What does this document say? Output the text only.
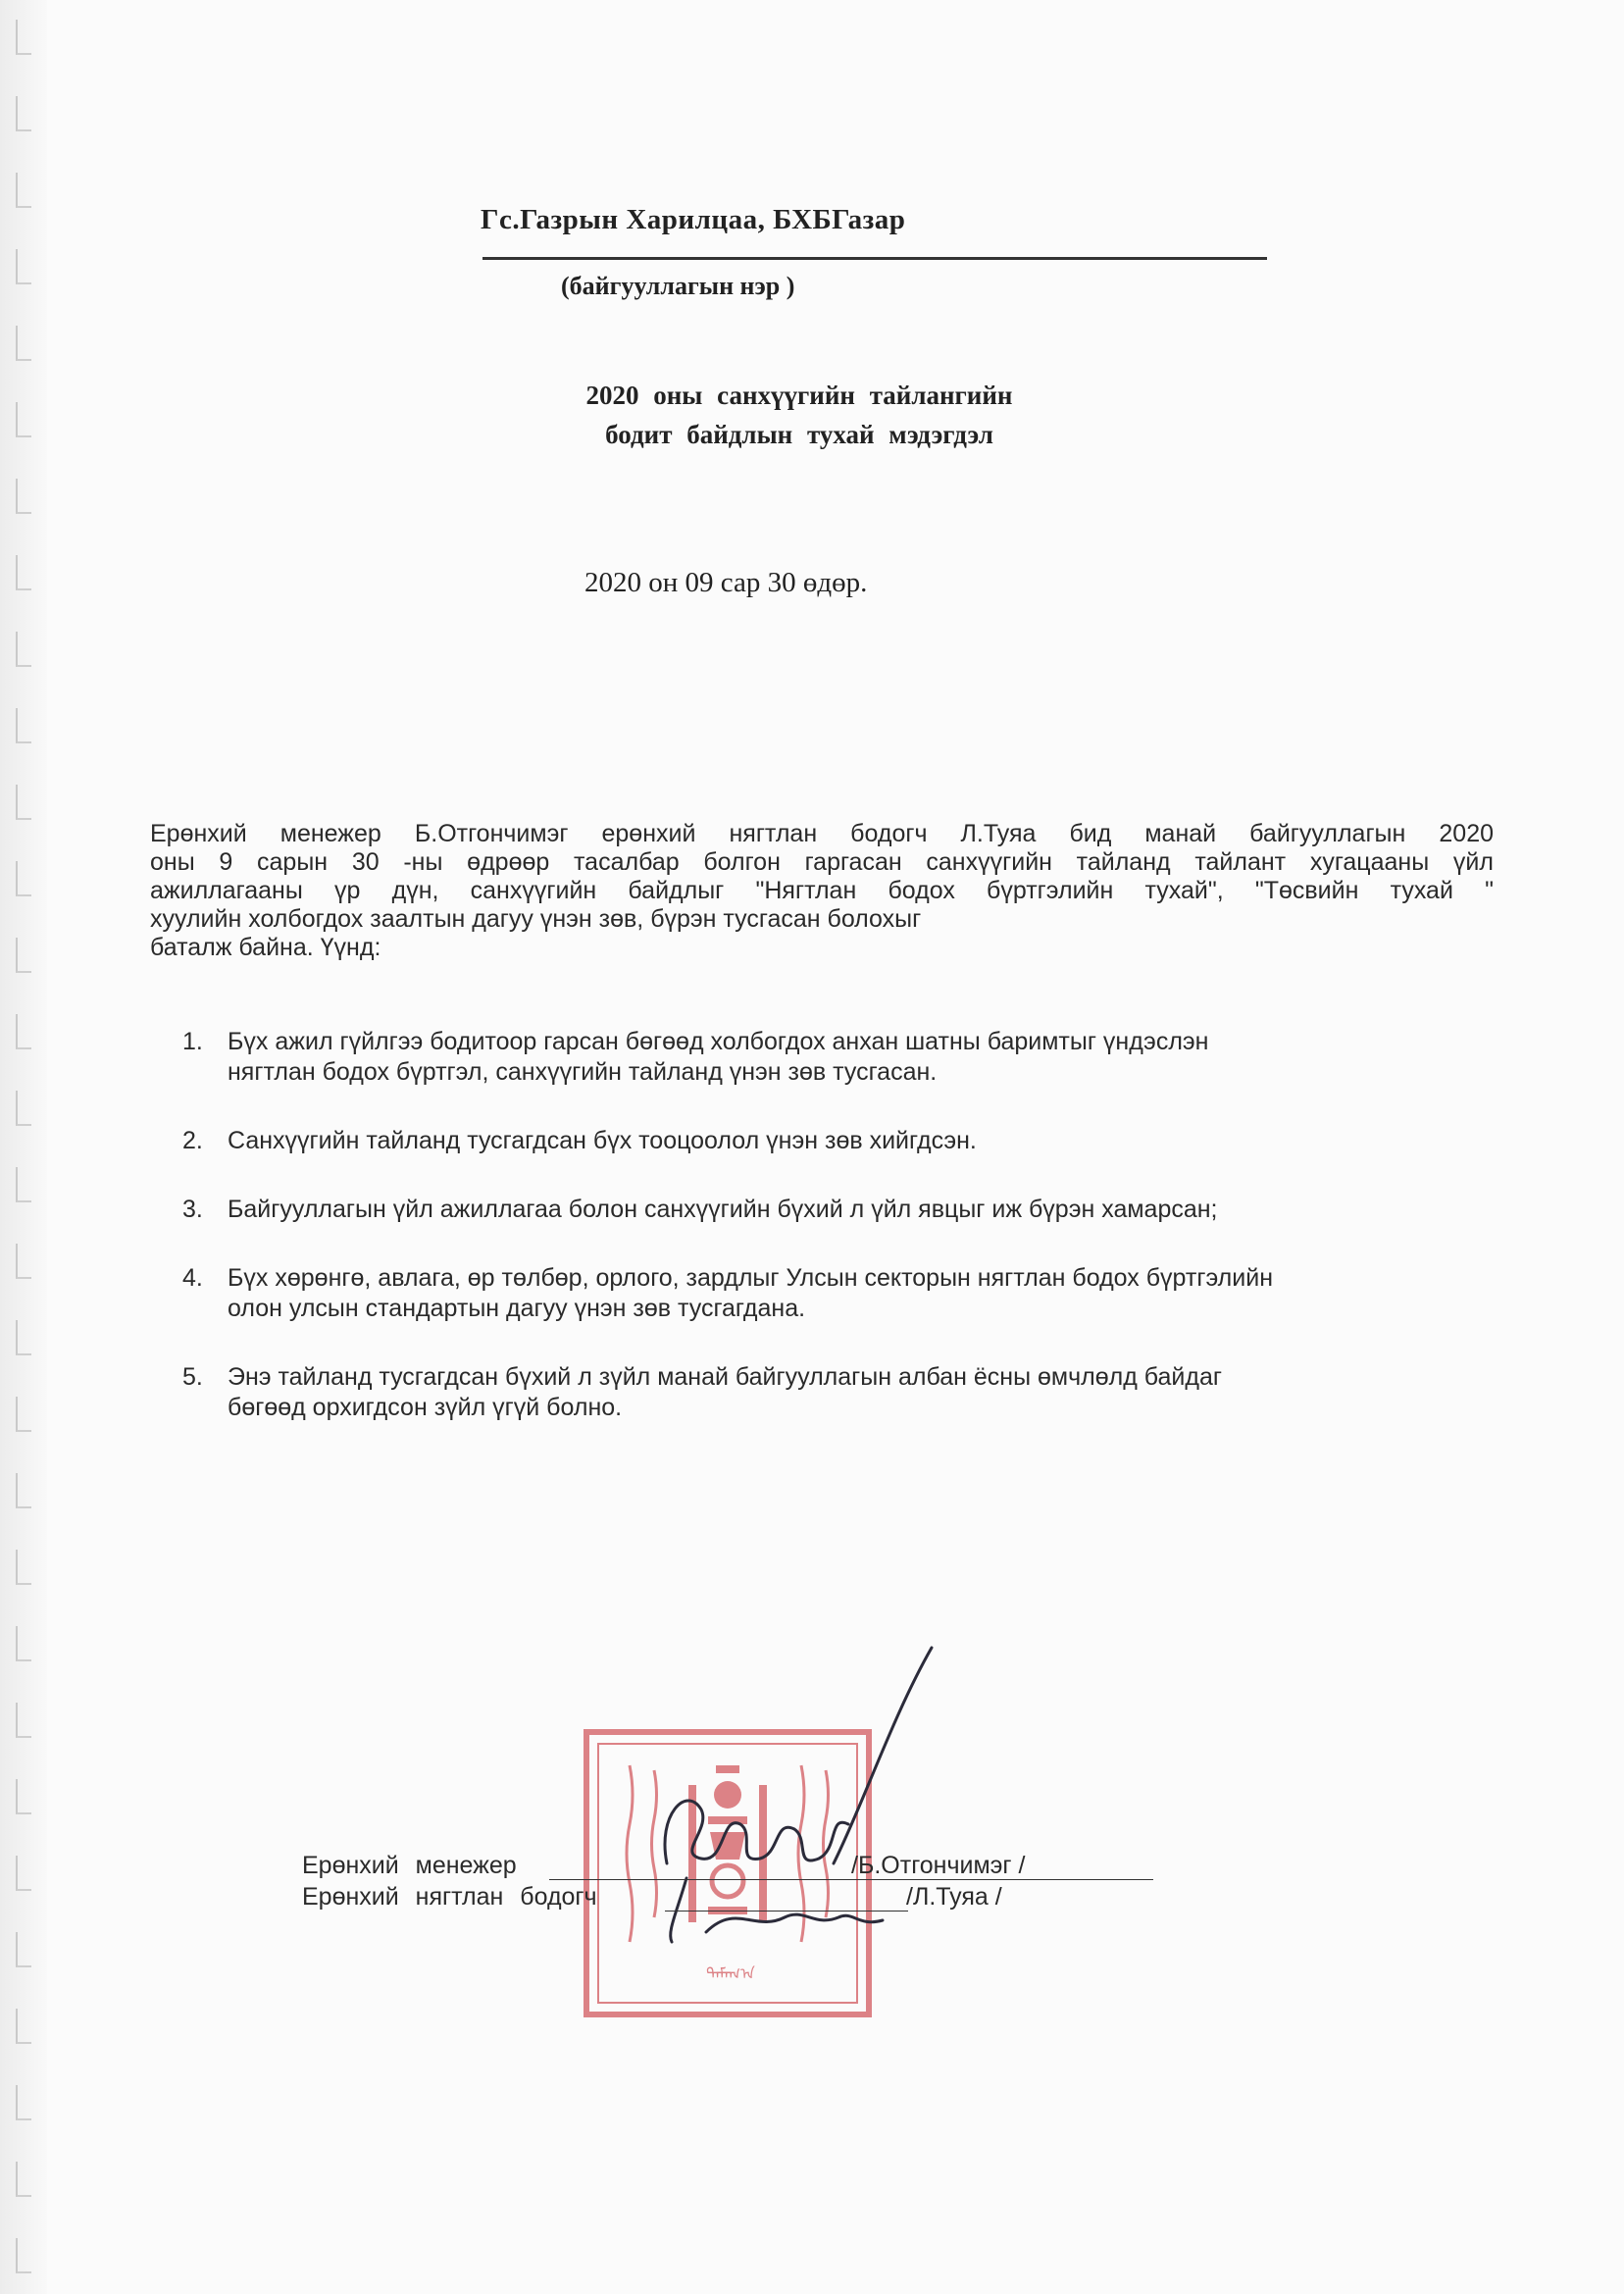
Гс.Газрын Харилцаа, БХБГазар
(байгууллагын нэр )
2020 оны санхүүгийн тайлангийн
бодит байдлын тухай мэдэгдэл
2020 он 09 сар 30 өдөр.
Ерөнхий менежер Б.Отгончимэг ерөнхий нягтлан бодогч Л.Туяа бид манай байгууллагын 2020
оны 9 сарын 30 -ны өдрөөр тасалбар болгон гаргасан санхүүгийн тайланд тайлант хугацааны үйл
ажиллагааны үр дүн, санхүүгийн байдлыг "Нягтлан бодох бүртгэлийн тухай", "Төсвийн тухай "
хуулийн холбогдох заалтын дагуу үнэн зөв, бүрэн тусгасан болохыг
баталж байна. Үүнд:
1. Бүх ажил гүйлгээ бодитоор гарсан бөгөөд холбогдох анхан шатны баримтыг үндэслэн
нягтлан бодох бүртгэл, санхүүгийн тайланд үнэн зөв тусгасан.
2. Санхүүгийн тайланд тусгагдсан бүх тооцоолол үнэн зөв хийгдсэн.
3. Байгууллагын үйл ажиллагаа болон санхүүгийн бүхий л үйл явцыг иж бүрэн хамарсан;
4. Бүх хөрөнгө, авлага, өр төлбөр, орлого, зардлыг Улсын секторын нягтлан бодох бүртгэлийн
олон улсын стандартын дагуу үнэн зөв тусгагдана.
5. Энэ тайланд тусгагдсан бүхий л зүйл манай байгууллагын албан ёсны өмчлөлд байдаг
бөгөөд орхигдсон зүйл үгүй болно.
ᠲᠠᠮᠠᠭ᠎ᠠ
Ерөнхий менежер	/Б.Отгончимэг /
Ерөнхий нягтлан бодогч	/Л.Туяа /
